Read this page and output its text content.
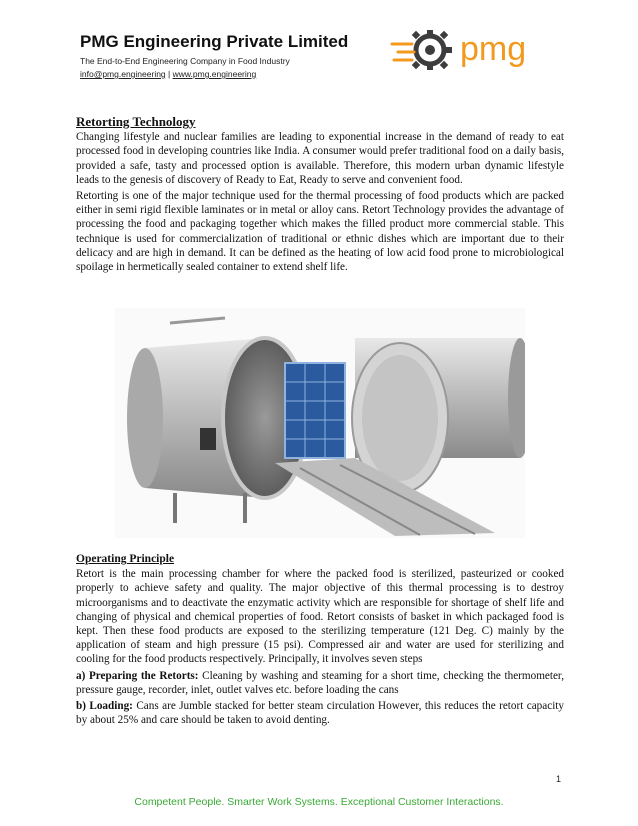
PMG Engineering Private Limited
The End-to-End Engineering Company in Food Industry
info@pmg.engineering | www.pmg.engineering
pmg
Retorting Technology

Changing lifestyle and nuclear families are leading to exponential increase in the demand of ready to eat processed food in developing countries like India. A consumer would prefer traditional food on a daily basis, provided a safe, tasty and processed option is available. Therefore, this modern urban dynamic lifestyle leads to the genesis of discovery of Ready to Eat, Ready to serve and convenient food.

Retorting is one of the major technique used for the thermal processing of food products which are packed either in semi rigid flexible laminates or in metal or alloy cans. Retort Technology provides the advantage of processing the food and packaging together which makes the filled product more commercial stable. This technique is used for commercialization of traditional or ethnic dishes which are important due to their delicacy and are high in demand. It can be defined as the heating of low acid food prone to microbiological spoilage in hermetically sealed container to extend shelf life.

Operating Principle

Retort is the main processing chamber for where the packed food is sterilized, pasteurized or cooked properly to achieve safety and quality. The major objective of this thermal processing is to destroy microorganisms and to deactivate the enzymatic activity which are responsible for shortage of shelf life and changing of physical and chemical properties of food. Retort consists of basket in which packaged food is kept. Then these food products are exposed to the sterilizing temperature (121 Deg. C) mainly by the application of steam and high pressure (15 psi). Compressed air and water are used for sterilizing and cooling for the food products respectively. Principally, it involves seven steps

a) Preparing the Retorts: Cleaning by washing and steaming for a short time, checking the thermometer, pressure gauge, recorder, inlet, outlet valves etc. before loading the cans

b) Loading: Cans are Jumble stacked for better steam circulation However, this reduces the retort capacity by about 25% and care should be taken to avoid denting.

1
Competent People. Smarter Work Systems. Exceptional Customer Interactions.
